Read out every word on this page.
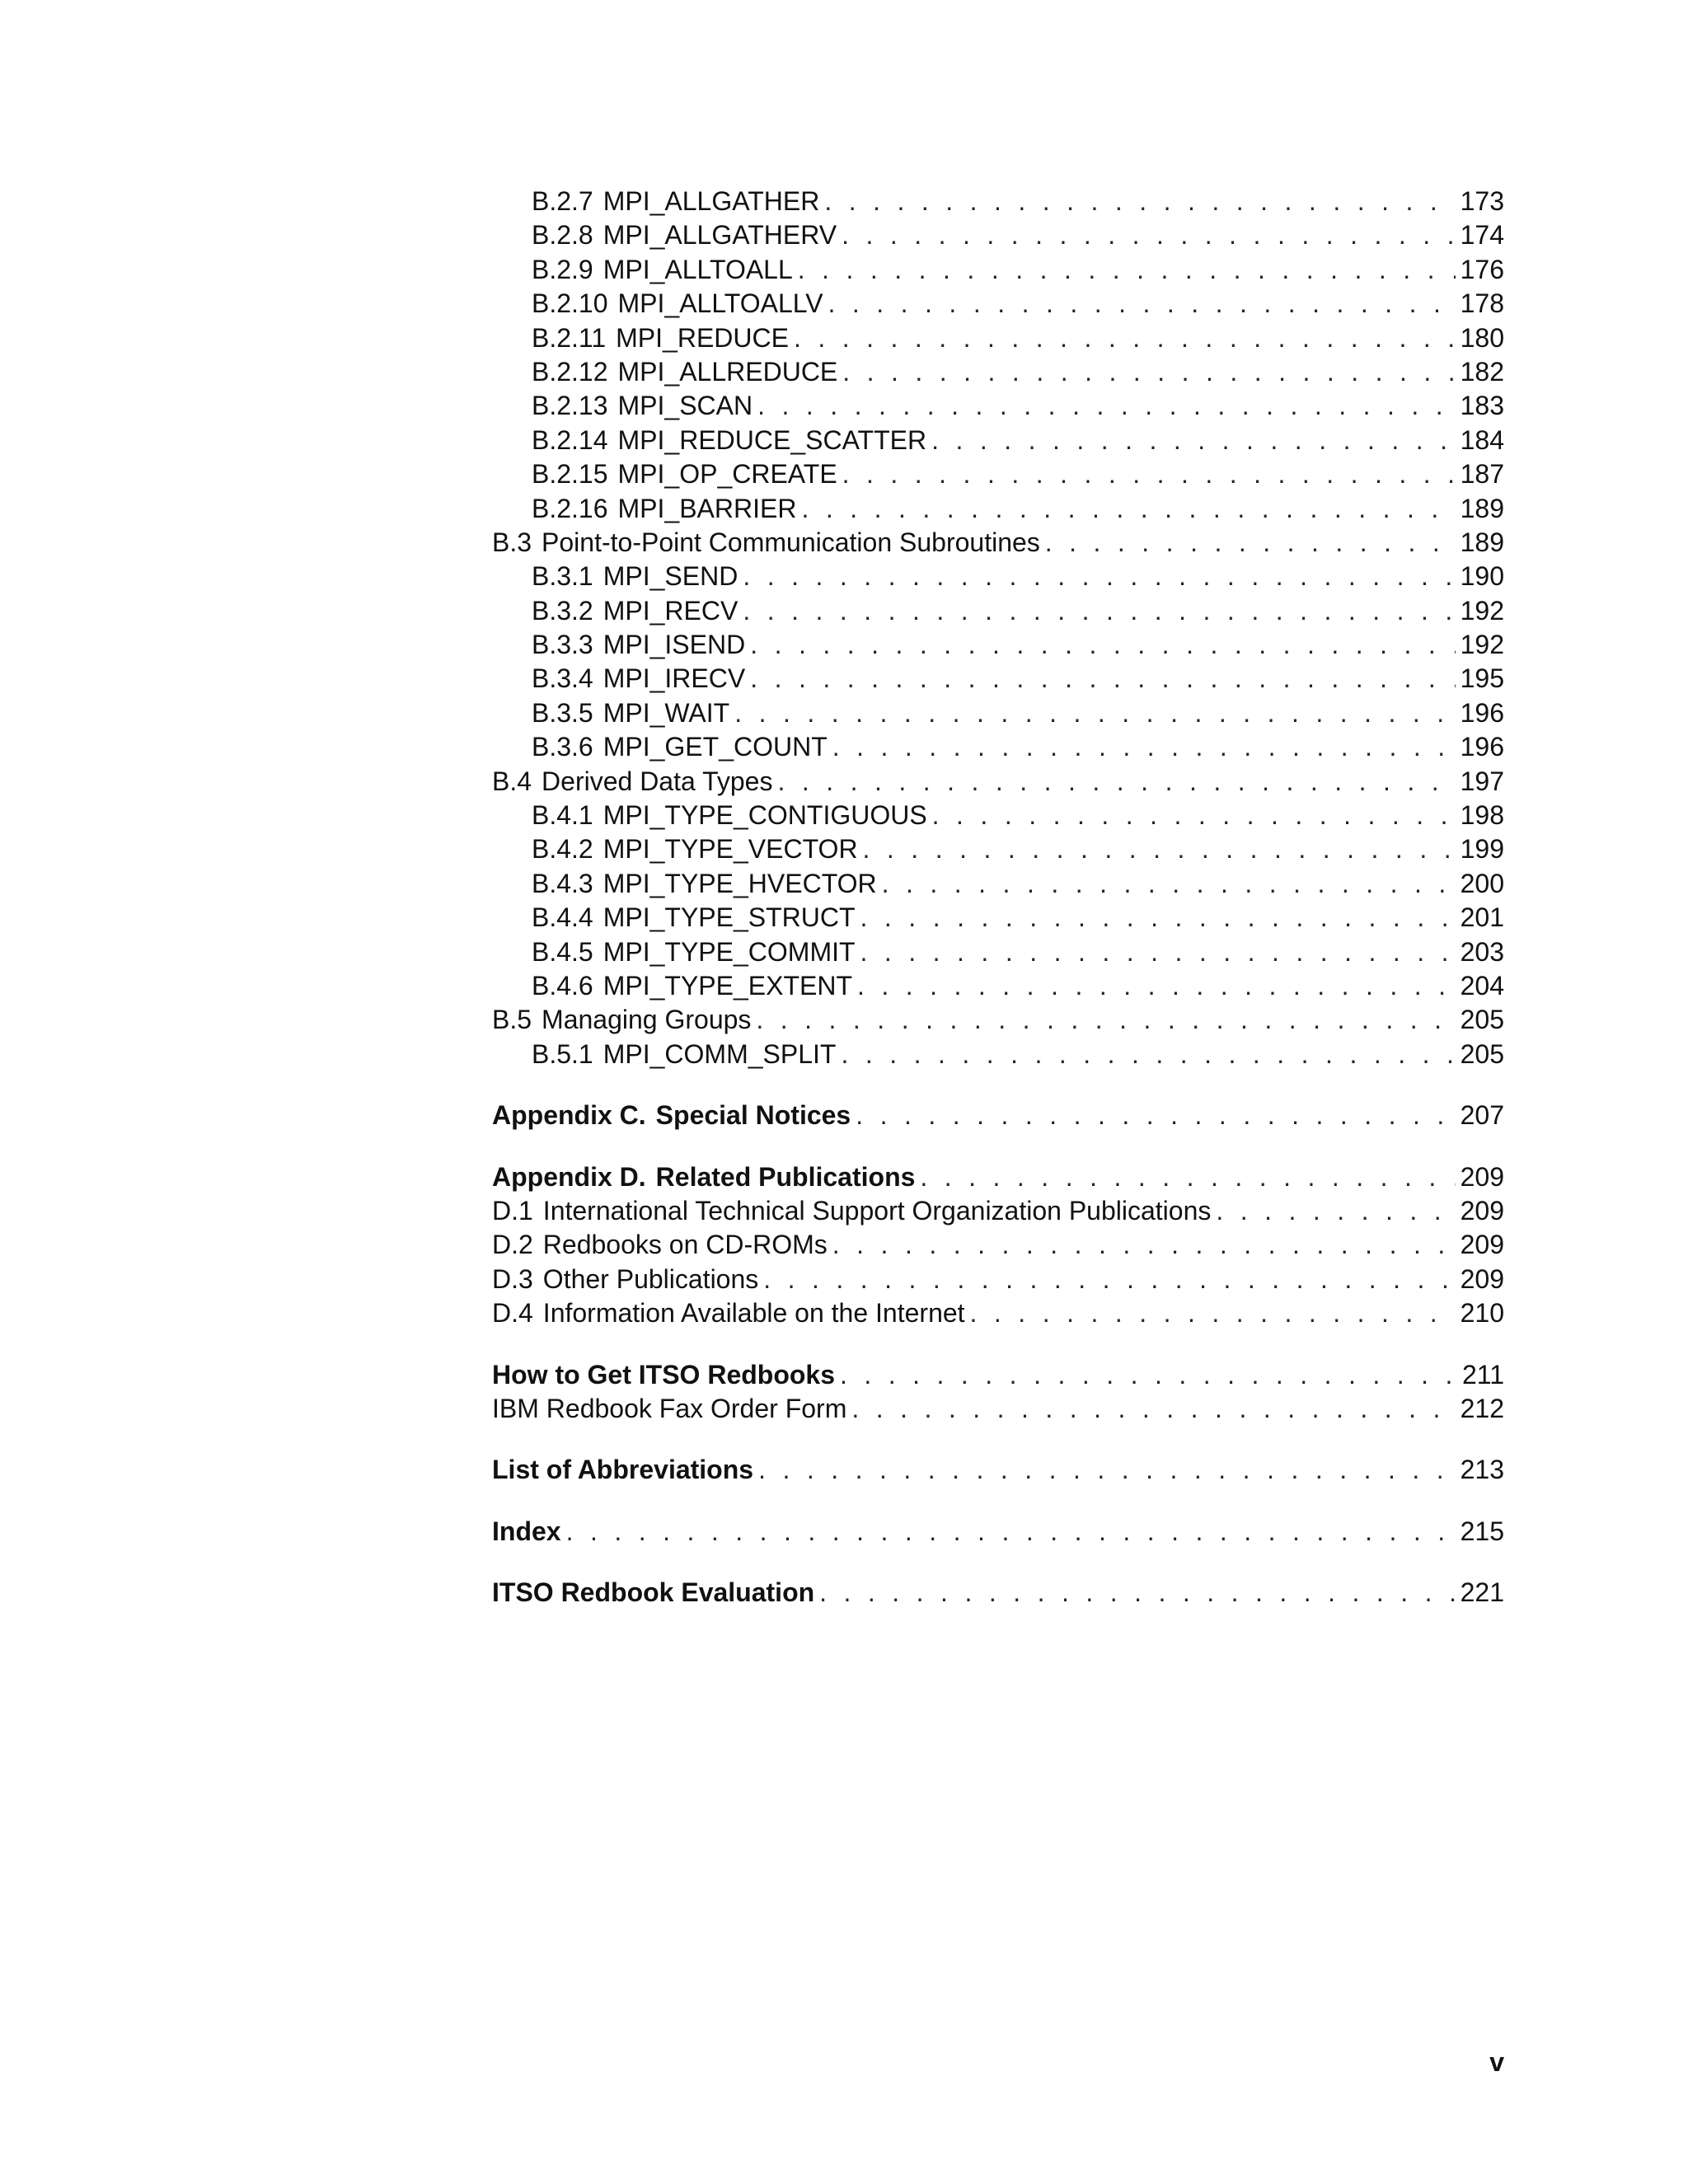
B.2.7 MPI_ALLGATHER . . .	173
B.2.8 MPI_ALLGATHERV . . .	174
B.2.9 MPI_ALLTOALL . . .	176
B.2.10 MPI_ALLTOALLV . . .	178
B.2.11 MPI_REDUCE . . .	180
B.2.12 MPI_ALLREDUCE . . .	182
B.2.13 MPI_SCAN . . .	183
B.2.14 MPI_REDUCE_SCATTER . . .	184
B.2.15 MPI_OP_CREATE . . .	187
B.2.16 MPI_BARRIER . . .	189
B.3 Point-to-Point Communication Subroutines . . .	189
B.3.1 MPI_SEND . . .	190
B.3.2 MPI_RECV . . .	192
B.3.3 MPI_ISEND . . .	192
B.3.4 MPI_IRECV . . .	195
B.3.5 MPI_WAIT . . .	196
B.3.6 MPI_GET_COUNT . . .	196
B.4 Derived Data Types . . .	197
B.4.1 MPI_TYPE_CONTIGUOUS . . .	198
B.4.2 MPI_TYPE_VECTOR . . .	199
B.4.3 MPI_TYPE_HVECTOR . . .	200
B.4.4 MPI_TYPE_STRUCT . . .	201
B.4.5 MPI_TYPE_COMMIT . . .	203
B.4.6 MPI_TYPE_EXTENT . . .	204
B.5 Managing Groups . . .	205
B.5.1 MPI_COMM_SPLIT . . .	205
Appendix C. Special Notices . . .	207
Appendix D. Related Publications . . .	209
D.1 International Technical Support Organization Publications . . .	209
D.2 Redbooks on CD-ROMs . . .	209
D.3 Other Publications . . .	209
D.4 Information Available on the Internet . . .	210
How to Get ITSO Redbooks . . .	211
IBM Redbook Fax Order Form . . .	212
List of Abbreviations . . .	213
Index . . .	215
ITSO Redbook Evaluation . . .	221
v
